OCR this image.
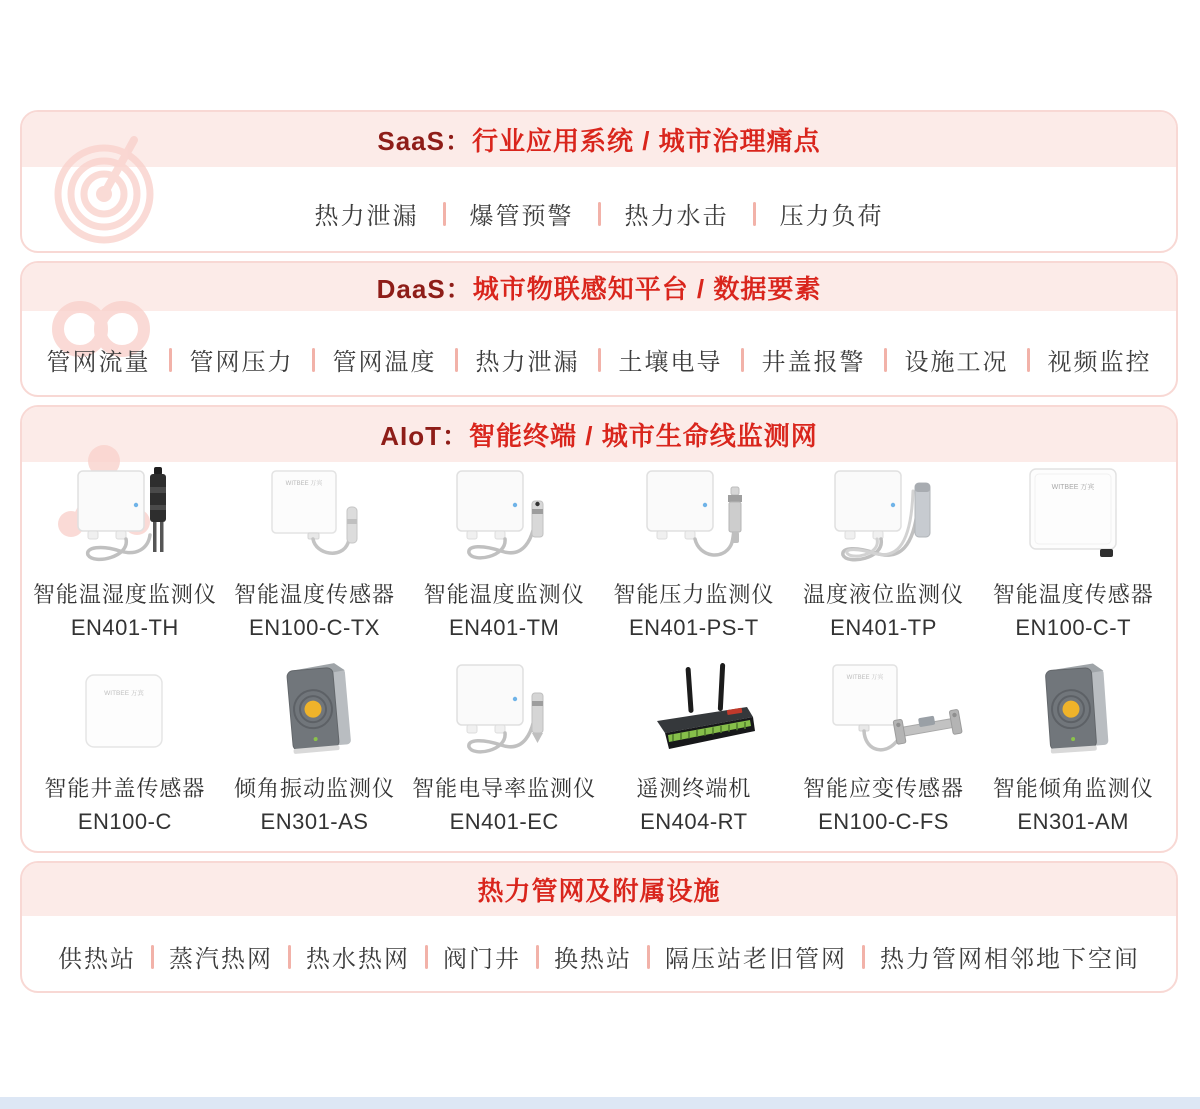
SaaS：行业应用系统 / 城市治理痛点
热力泄漏 爆管预警 热力水击 压力负荷
DaaS：城市物联感知平台 / 数据要素
管网流量 管网压力 管网温度 热力泄漏 土壤电导 井盖报警 设施工况 视频监控
AIoT：智能终端 / 城市生命线监测网
智能温湿度监测仪
EN401-TH
WITBEE 万宾
智能温度传感器
EN100-C-TX
智能温度监测仪
EN401-TM
智能压力监测仪
EN401-PS-T
温度液位监测仪
EN401-TP
WITBEE 万宾
智能温度传感器
EN100-C-T
WITBEE 万宾
智能井盖传感器
EN100-C
倾角振动监测仪
EN301-AS
智能电导率监测仪
EN401-EC
遥测终端机
EN404-RT
WITBEE 万宾
智能应变传感器
EN100-C-FS
智能倾角监测仪
EN301-AM
热力管网及附属设施
供热站 蒸汽热网 热水热网 阀门井 换热站 隔压站老旧管网 热力管网相邻地下空间
